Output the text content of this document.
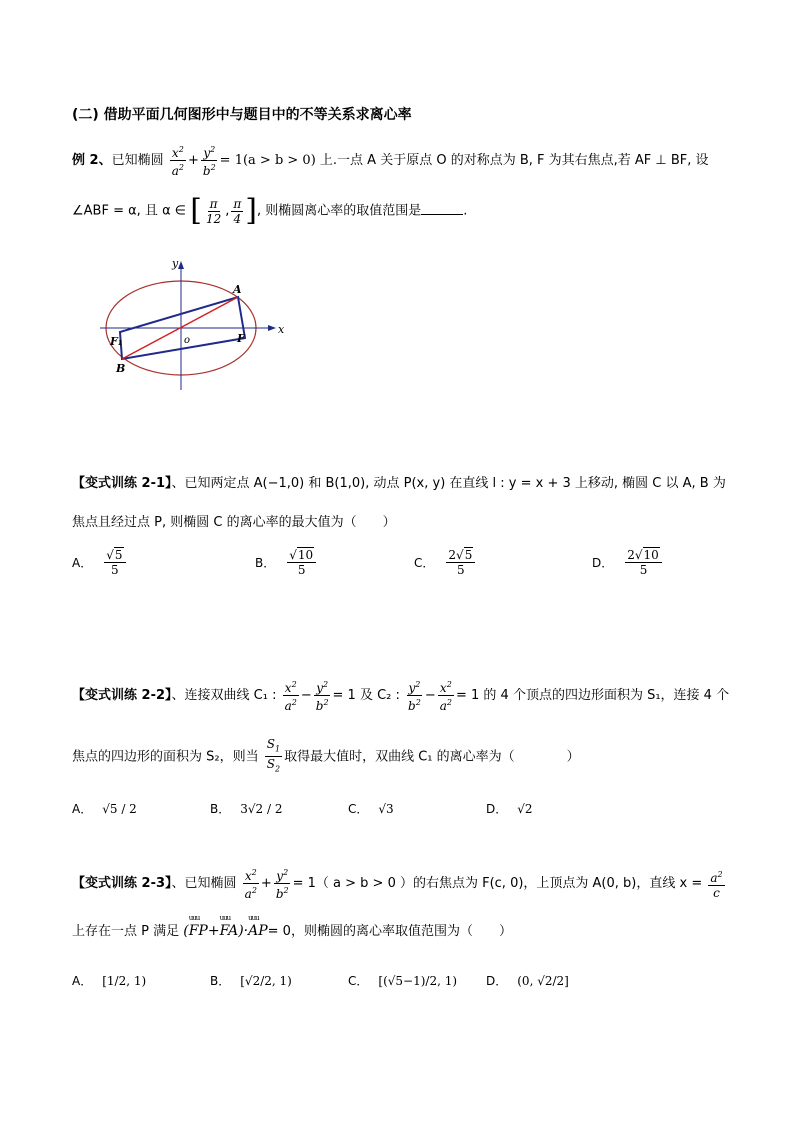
(二) 借助平面几何图形中与题目中的不等关系求离心率
例 2、已知椭圆 $\frac{x^2}{a^2} + \frac{y^2}{b^2} = 1(a > b > 0)$ 上.一点 A 关于原点 O 的对称点为 B, F 为其右焦点,若 AF ⊥ BF, 设
∠ABF = α, 且 α ∈ [ $\frac{\pi}{12}$ , $\frac{\pi}{4}$ ], 则椭圆离心率的取值范围是	.
y
x
A
F
F₁
B
o
【变式训练 2-1】、已知两定点 A(−1,0) 和 B(1,0), 动点 P(x, y) 在直线 l : y = x + 3 上移动, 椭圆 C 以 A, B 为
焦点且经过点 P, 则椭圆 C 的离心率的最大值为（　　）
A． $\frac{√5}{5}$	B． $\frac{√10}{5}$	C． $\frac{2√5}{5}$	D． $\frac{2√10}{5}$
【变式训练 2-2】、连接双曲线 C₁ : $\frac{x^2}{a^2} - \frac{y^2}{b^2} = 1$ 及 C₂ : $\frac{y^2}{b^2} - \frac{x^2}{a^2} = 1$ 的 4 个顶点的四边形面积为 S₁，连接 4 个
焦点的四边形的面积为 S₂，则当 $\frac{S_1}{S_2}$ 取得最大值时，双曲线 C₁ 的离心率为（　　　　）
A． √5 / 2	B． 3√2 / 2	C． √3	D． √2
【变式训练 2-3】、已知椭圆 $\frac{x^2}{a^2} + \frac{y^2}{b^2} = 1$（ a > b > 0 ）的右焦点为 F(c, 0)，上顶点为 A(0, b)，直线 $x = \frac{a^2}{c}$
上存在一点 P 满足 (uuu FP+uuu FA)·uuu AP= 0，则椭圆的离心率取值范围为（　　）
A． [1/2, 1)	B． [√2/2, 1)	C． [(√5−1)/2, 1) D． (0, √2/2]
